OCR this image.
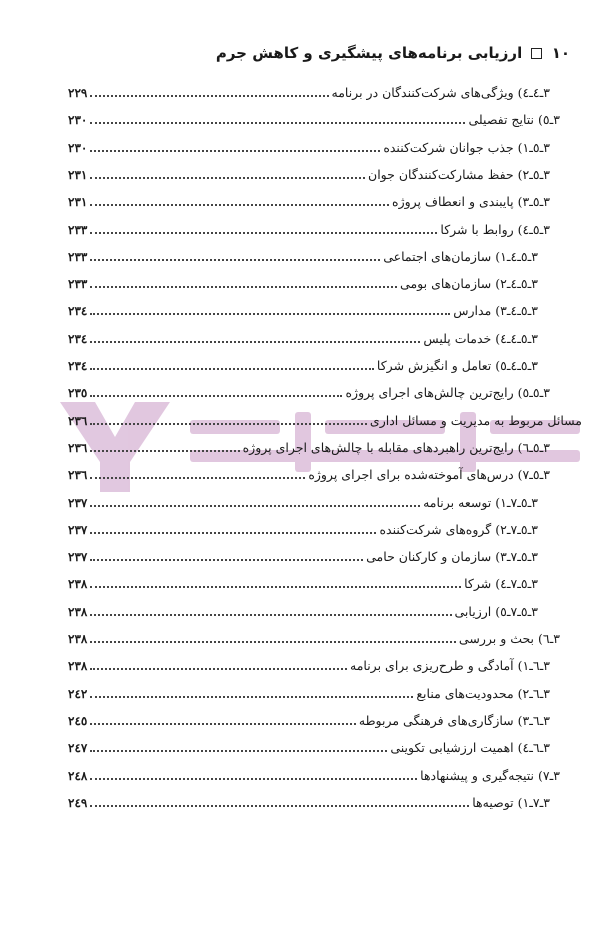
١٠  ارزیابی برنامه‌های پیشگیری و کاهش جرم
٣ـ٤ـ٤) ویژگی‌های شرکت‌کنندگان در برنامه
٢٢٩
٣ـ٥) نتایج تفصیلی
٢٣٠
٣ـ٥ـ١) جذب جوانان شرکت‌کننده
٢٣٠
٣ـ٥ـ٢) حفظ مشارکت‌کنندگان جوان
٢٣١
٣ـ٥ـ٣) پایبندی و انعطاف پروژه
٢٣١
٣ـ٥ـ٤) روابط با شرکا
٢٣٣
٣ـ٥ـ٤ـ١) سازمان‌های اجتماعی
٢٣٣
٣ـ٥ـ٤ـ٢) سازمان‌های بومی
٢٣٣
٣ـ٥ـ٤ـ٣) مدارس
٢٣٤
٣ـ٥ـ٤ـ٤) خدمات پلیس
٢٣٤
٣ـ٥ـ٤ـ٥) تعامل و انگیزش شرکا
٢٣٤
٣ـ٥ـ٥) رایج‌ترین چالش‌های اجرای پروژه
٢٣٥
مسائل مربوط به مدیریت و مسائل اداری
٢٣٦
٣ـ٥ـ٦) رایج‌ترین راهبردهای مقابله با چالش‌های اجرای پروژه
٢٣٦
٣ـ٥ـ٧) درس‌های آموخته‌شده برای اجرای پروژه
٢٣٦
٣ـ٥ـ٧ـ١) توسعه برنامه
٢٣٧
٣ـ٥ـ٧ـ٢) گروه‌های شرکت‌کننده
٢٣٧
٣ـ٥ـ٧ـ٣) سازمان و کارکنان حامی
٢٣٧
٣ـ٥ـ٧ـ٤) شرکا
٢٣٨
٣ـ٥ـ٧ـ٥) ارزیابی
٢٣٨
٣ـ٦) بحث و بررسی
٢٣٨
٣ـ٦ـ١) آمادگی و طرح‌ریزی برای برنامه
٢٣٨
٣ـ٦ـ٢) محدودیت‌های منابع
٢٤٢
٣ـ٦ـ٣) سازگاری‌های فرهنگی مربوطه
٢٤٥
٣ـ٦ـ٤) اهمیت ارزشیابی تکوینی
٢٤٧
٣ـ٧) نتیجه‌گیری و پیشنهادها
٢٤٨
٣ـ٧ـ١) توصیه‌ها
٢٤٩
